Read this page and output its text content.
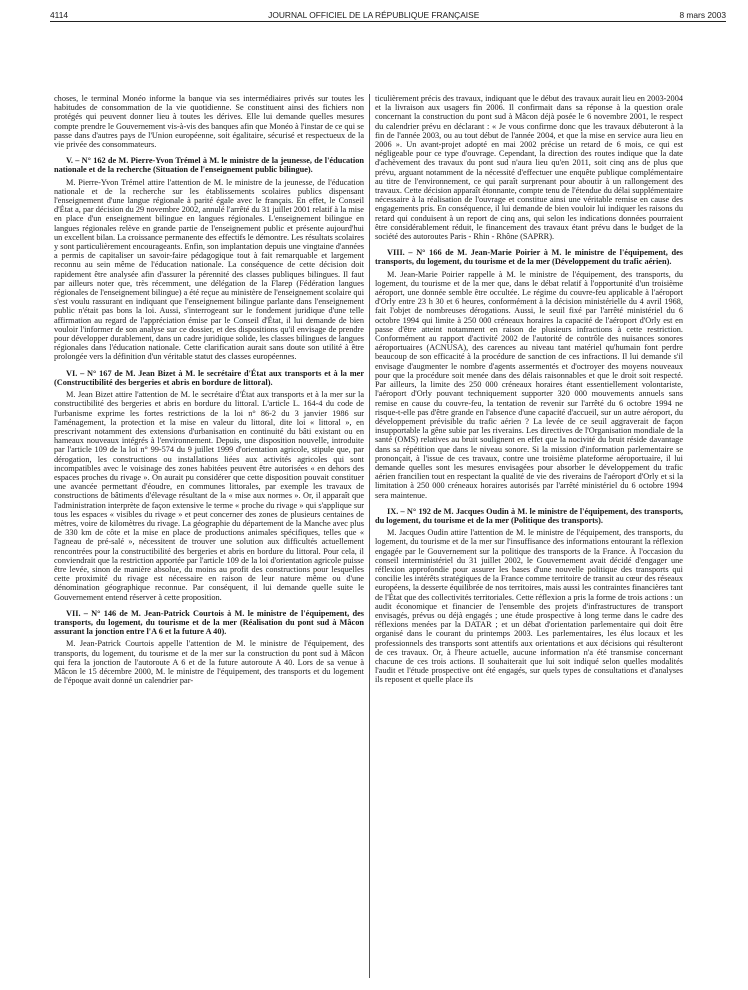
4114	JOURNAL OFFICIEL DE LA RÉPUBLIQUE FRANÇAISE	8 mars 2003

choses, le terminal Monéo informe la banque via ses intermédiaires privés sur toutes les habitudes de consommation de la vie quotidienne. Se constituent ainsi des fichiers non protégés qui peuvent donner lieu à toutes les dérives. Elle lui demande quelles mesures compte prendre le Gouvernement vis-à-vis des banques afin que Monéo à l'instar de ce qui se passe dans d'autres pays de l'Union européenne, soit égalitaire, sécurisé et respectueux de la vie privée des consommateurs.

V. – N° 162 de M. Pierre-Yvon Trémel à M. le ministre de la jeunesse, de l'éducation nationale et de la recherche (Situation de l'enseignement public bilingue).

M. Pierre-Yvon Trémel attire l'attention de M. le ministre de la jeunesse, de l'éducation nationale et de la recherche sur les établissements scolaires publics dispensant l'enseignement d'une langue régionale à parité égale avec le français. En effet, le Conseil d'État a, par décision du 29 novembre 2002, annulé l'arrêté du 31 juillet 2001 relatif à la mise en place d'un enseignement bilingue en langues régionales. L'enseignement bilingue en langues régionales relève en grande partie de l'enseignement public et présente aujourd'hui un excellent bilan. La croissance permanente des effectifs le démontre. Les résultats scolaires y sont particulièrement encourageants. Enfin, son implantation depuis une vingtaine d'années a permis de capitaliser un savoir-faire pédagogique tout à fait remarquable et largement reconnu au sein même de l'éducation nationale. La conséquence de cette décision doit rapidement être analysée afin d'assurer la pérennité des classes publiques bilingues. Il faut par ailleurs noter que, très récemment, une délégation de la Flarep (Fédération langues régionales de l'enseignement bilingue) a été reçue au ministère de l'enseignement scolaire qui s'est voulu rassurant en indiquant que l'enseignement bilingue parlante dans l'enseignement public n'était pas bons la loi. Aussi, s'interrogeant sur le fondement juridique d'une telle affirmation au regard de l'appréciation émise par le Conseil d'État, il lui demande de bien vouloir l'informer de son analyse sur ce dossier, et des dispositions qu'il envisage de prendre pour développer durablement, dans un cadre juridique solide, les classes bilingues de langues régionales dans l'éducation nationale. Cette clarification aurait sans doute son utilité à être prolongée vers la définition d'un véritable statut des classes européennes.

VI. – N° 167 de M. Jean Bizet à M. le secrétaire d'État aux transports et à la mer (Constructibilité des bergeries et abris en bordure de littoral).

M. Jean Bizet attire l'attention de M. le secrétaire d'État aux transports et à la mer sur la constructibilité des bergeries et abris en bordure du littoral. L'article L. 164-4 du code de l'urbanisme exprime les fortes restrictions de la loi n° 86-2 du 3 janvier 1986 sur l'aménagement, la protection et la mise en valeur du littoral, dite loi « littoral », en prescrivant notamment des extensions d'urbanisation en continuité du bâti existant ou en hameaux nouveaux intégrés à l'environnement. Depuis, une disposition nouvelle, introduite par l'article 109 de la loi n° 99-574 du 9 juillet 1999 d'orientation agricole, stipule que, par dérogation, les constructions ou installations liées aux activités agricoles qui sont incompatibles avec le voisinage des zones habitées peuvent être autorisées « en dehors des espaces proches du rivage ». On aurait pu considérer que cette disposition pouvait constituer une avancée permettant d'éoudre, en communes littorales, par exemple les travaux de constructions de bâtiments d'élevage résultant de la « mise aux normes ». Or, il apparaît que l'administration interprète de façon extensive le terme « proche du rivage » qui s'applique sur tous les espaces « visibles du rivage » et peut concerner des zones de plusieurs centaines de mètres, voire de kilomètres du rivage. La géographie du département de la Manche avec plus de 330 km de côte et la mise en place de productions animales spécifiques, telles que « l'agneau de pré-salé », nécessitent de trouver une solution aux difficultés actuellement rencontrées pour la constructibilité des bergeries et abris en bordure du littoral. Pour cela, il conviendrait que la restriction apportée par l'article 109 de la loi d'orientation agricole puisse être levée, sinon de manière absolue, du moins au profit des constructions pour lesquelles cette proximité du rivage est nécessaire en raison de leur nature même ou d'une dénomination géographique reconnue. Par conséquent, il lui demande quelle suite le Gouvernement entend réserver à cette proposition.

VII. – N° 146 de M. Jean-Patrick Courtois à M. le ministre de l'équipement, des transports, du logement, du tourisme et de la mer (Réalisation du pont sud à Mâcon assurant la jonction entre l'A 6 et la future A 40).

M. Jean-Patrick Courtois appelle l'attention de M. le ministre de l'équipement, des transports, du logement, du tourisme et de la mer sur la construction du pont sud à Mâcon qui fera la jonction de l'autoroute A 6 et de la future autoroute A 40. Lors de sa venue à Mâcon le 15 décembre 2000, M. le ministre de l'équipement, des transports et du logement de l'époque avait donné un calendrier par-

ticulièrement précis des travaux, indiquant que le début des travaux aurait lieu en 2003-2004 et la livraison aux usagers fin 2006. Il confirmait dans sa réponse à la question orale concernant la construction du pont sud à Mâcon déjà posée le 6 novembre 2001, le respect du calendrier prévu en déclarant : « Je vous confirme donc que les travaux débuteront à la fin de l'année 2003, ou au tout début de l'année 2004, et que la mise en service aura lieu en 2006 ». Un avant-projet adopté en mai 2002 précise un retard de 6 mois, ce qui est négligeable pour ce type d'ouvrage. Cependant, la direction des routes indique que la date d'achèvement des travaux du pont sud n'aura lieu qu'en 2011, soit cinq ans de plus que prévu, arguant notamment de la nécessité d'effectuer une enquête publique complémentaire au titre de l'environnement, ce qui paraît surprenant pour aboutir à un rallongement des travaux. Cette décision apparaît étonnante, compte tenu de l'étendue du délai supplémentaire nécessaire à la réalisation de l'ouvrage et constitue ainsi une véritable remise en cause des engagements pris. En conséquence, il lui demande de bien vouloir lui indiquer les raisons du retard qui conduisent à un report de cinq ans, qui selon les indications données pourraient être considérablement réduit, le financement des travaux étant prévu dans le budget de la société des autoroutes Paris - Rhin - Rhône (SAPRR).

VIII. – N° 166 de M. Jean-Marie Poirier à M. le ministre de l'équipement, des transports, du logement, du tourisme et de la mer (Développement du trafic aérien).

M. Jean-Marie Poirier rappelle à M. le ministre de l'équipement, des transports, du logement, du tourisme et de la mer que, dans le débat relatif à l'opportunité d'un troisième aéroport, une donnée semble être occultée. Le régime du couvre-feu applicable à l'aéroport d'Orly entre 23 h 30 et 6 heures, conformément à la décision ministérielle du 4 avril 1968, fait l'objet de nombreuses dérogations. Aussi, le seuil fixé par l'arrêté ministériel du 6 octobre 1994 qui limite à 250 000 créneaux horaires la capacité de l'aéroport d'Orly est en passe d'être atteint notamment en raison de plusieurs infractions à cette restriction. Conformément au rapport d'activité 2002 de l'autorité de contrôle des nuisances sonores aéroportuaires (ACNUSA), des carences au niveau tant matériel qu'humain font perdre beaucoup de son efficacité à la procédure de sanction de ces infractions. Il lui demande s'il envisage d'augmenter le nombre d'agents assermentés et d'octroyer des moyens nouveaux pour que la procédure soit menée dans des délais raisonnables et que le droit soit respecté. Par ailleurs, la limite des 250 000 créneaux horaires étant essentiellement volontariste, l'aéroport d'Orly pouvant techniquement supporter 320 000 mouvements annuels sans remise en cause du couvre-feu, la tentation de revenir sur l'arrêté du 6 octobre 1994 ne risque-t-elle pas d'être grande en l'absence d'une capacité d'accueil, sur un autre aéroport, du développement prévisible du trafic aérien ? La levée de ce seuil aggraverait de façon insupportable la gêne subie par les riverains. Les directives de l'Organisation mondiale de la santé (OMS) relatives au bruit soulignent en effet que la nocivité du bruit réside davantage dans sa répétition que dans le niveau sonore. Si la mission d'information parlementaire se prononçait, à l'issue de ces travaux, contre une troisième plateforme aéroportuaire, il lui demande quelles sont les mesures envisagées pour absorber le développement du trafic aérien francilien tout en respectant la qualité de vie des riverains de l'aéroport d'Orly et si la limitation à 250 000 créneaux horaires autorisés par l'arrêté ministériel du 6 octobre 1994 sera maintenue.

IX. – N° 192 de M. Jacques Oudin à M. le ministre de l'équipement, des transports, du logement, du tourisme et de la mer (Politique des transports).

M. Jacques Oudin attire l'attention de M. le ministre de l'équipement, des transports, du logement, du tourisme et de la mer sur l'insuffisance des informations entourant la réflexion engagée par le Gouvernement sur la politique des transports de la France. À l'occasion du conseil interministériel du 31 juillet 2002, le Gouvernement avait décidé d'engager une réflexion approfondie pour assurer les bases d'une nouvelle politique des transports qui concilie les intérêts stratégiques de la France comme territoire de transit au cœur des réseaux européens, la desserte équilibrée de nos territoires, mais aussi les contraintes financières tant de l'État que des collectivités territoriales. Cette réflexion a pris la forme de trois actions : un audit économique et financier de l'ensemble des projets d'infrastructures de transport envisagés, prévus ou déjà engagés ; une étude prospective à long terme dans le cadre des réflexions menées par la DATAR ; et un débat d'orientation parlementaire qui doit être organisé dans le courant du printemps 2003. Les parlementaires, les élus locaux et les professionnels des transports sont attentifs aux orientations et aux décisions qui résulteront de ces travaux. Or, à l'heure actuelle, aucune information n'a été transmise concernant chacune de ces trois actions. Il souhaiterait que lui soit indiqué selon quelles modalités l'audit et l'étude prospective ont été engagés, sur quels types de consultations et d'analyses ils reposent et quelle place ils
